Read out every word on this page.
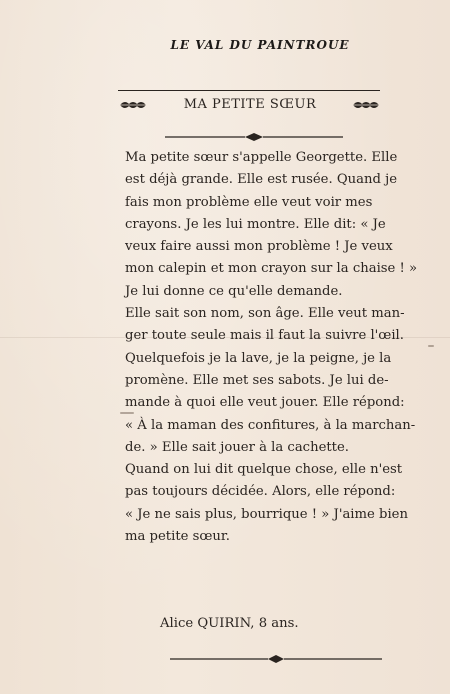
LE VAL DU PAINTROUE
MA PETITE SŒUR
Ma petite sœur s'appelle Georgette. Elle
est déjà grande. Elle est rusée. Quand je
fais mon problème elle veut voir mes
crayons. Je les lui montre. Elle dit: « Je
veux faire aussi mon problème ! Je veux
mon calepin et mon crayon sur la chaise ! »
Je lui donne ce qu'elle demande.
Elle sait son nom, son âge. Elle veut man-
ger toute seule mais il faut la suivre l'œil.
Quelquefois je la lave, je la peigne, je la
promène. Elle met ses sabots. Je lui de-
mande à quoi elle veut jouer. Elle répond:
« À la maman des confitures, à la marchan-
de. » Elle sait jouer à la cachette.
Quand on lui dit quelque chose, elle n'est
pas toujours décidée. Alors, elle répond:
« Je ne sais plus, bourrique ! » J'aime bien
ma petite sœur.
Alice QUIRIN, 8 ans.
